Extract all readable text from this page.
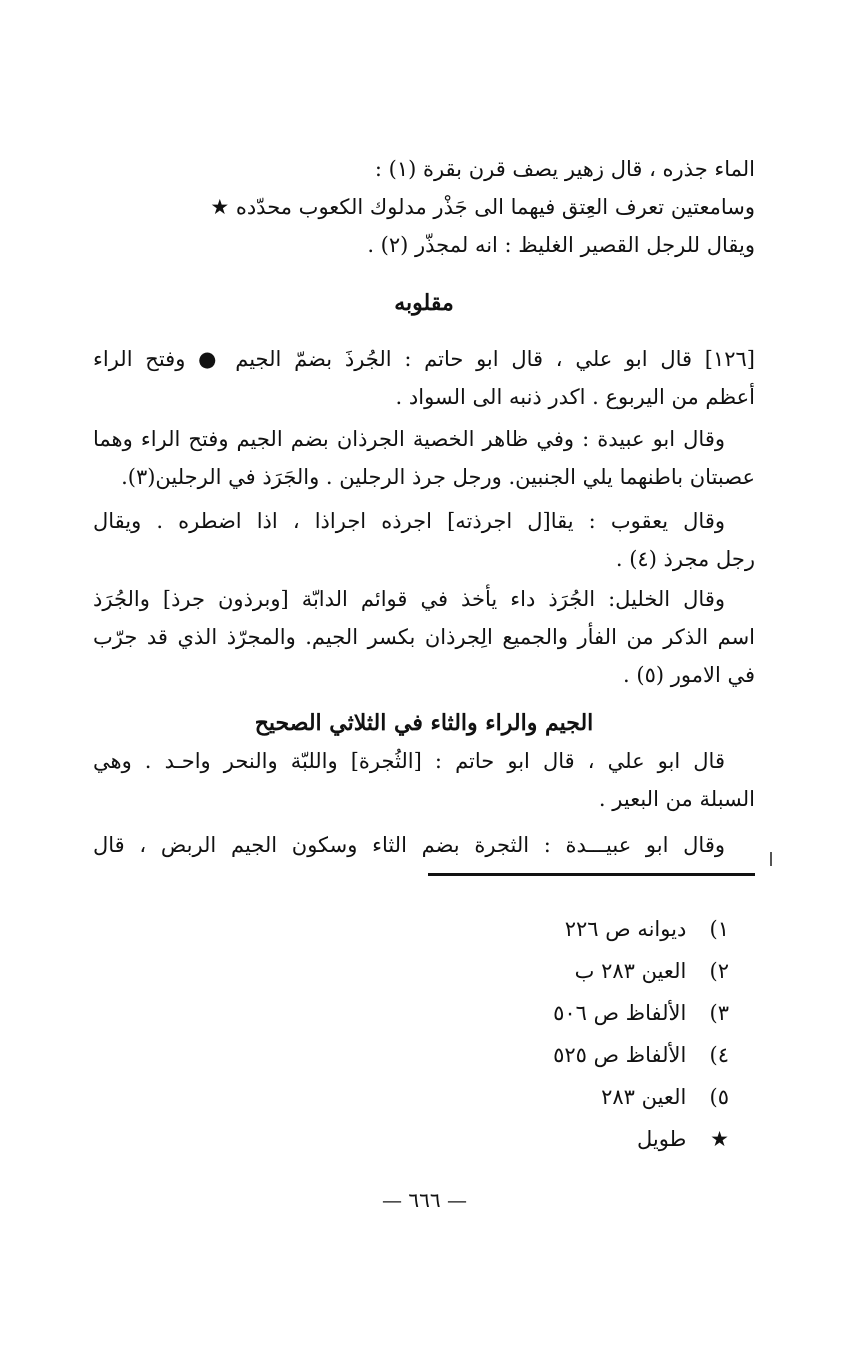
الماء جذره ، قال زهير يصف قرن بقرة (١) :
وسامعتين تعرف العِتق فيهما الى جَذْر مدلوك الكعوب محدّده ★
ويقال للرجل القصير الغليظ : انه لمجذّر (٢) .
مقلوبه
[١٢٦] قال ابو علي ، قال ابو حاتم : الجُرذَ بضمّ الجيم ● وفتح الراء
أعظم من اليربوع . اكدر ذنبه الى السواد .
وقال ابو عبيدة : وفي ظاهر الخصية الجرذان بضم الجيم وفتح الراء وهما
عصبتان باطنهما يلي الجنبين. ورجل جرذ الرجلين . والجَرَذ في الرجلين(٣).
وقال يعقوب : يقا[ل اجرذته] اجرذه اجراذا ، اذا اضطره . ويقال
رجل مجرذ (٤) .
وقال الخليل: الجُرَذ داء يأخذ في قوائم الدابّة [وبرذون جرذ] والجُرَذ
اسم الذكر من الفأر والجميع الِجرذان بكسر الجيم. والمجرّذ الذي قد جرّب
في الامور (٥) .
الجيم والراء والثاء في الثلاثي الصحيح
قال ابو علي ، قال ابو حاتم : [الثُجرة] واللبّة والنحر واحـد . وهي
السبلة من البعير .
وقال ابو عبيـــدة : الثجرة بضم الثاء وسكون الجيم الربض ، قال
١) ديوانه ص ٢٢٦
٢) العين ٢٨٣ ب
٣) الألفاظ ص ٥٠٦
٤) الألفاظ ص ٥٢٥
٥) العين ٢٨٣
★ طويل
— ٦٦٦ —
